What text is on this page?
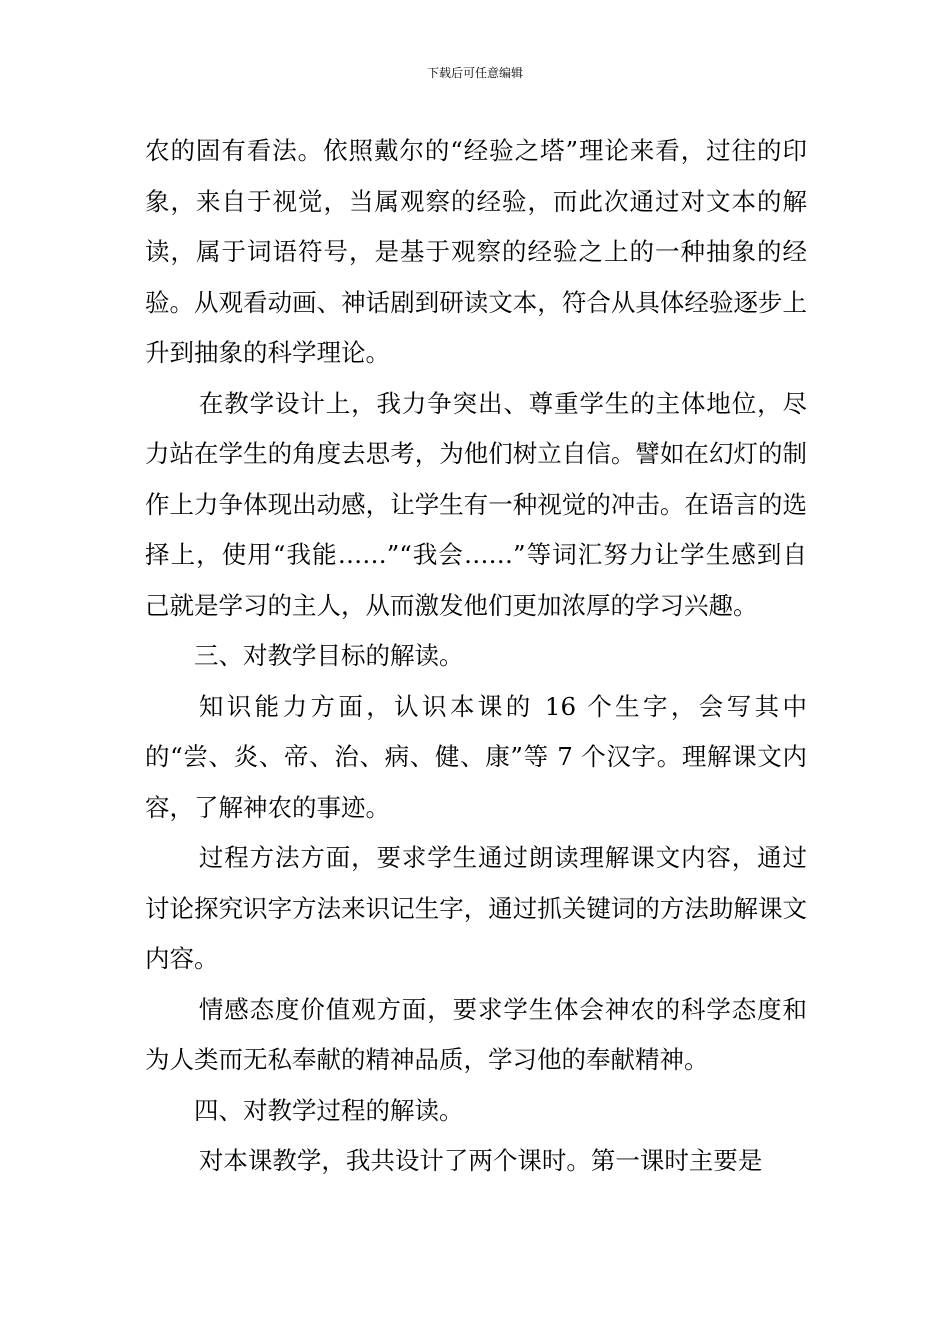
下载后可任意编辑

农的固有看法。依照戴尔的“经验之塔”理论来看，过往的印象，来自于视觉，当属观察的经验，而此次通过对文本的解读，属于词语符号，是基于观察的经验之上的一种抽象的经验。从观看动画、神话剧到研读文本，符合从具体经验逐步上升到抽象的科学理论。

在教学设计上，我力争突出、尊重学生的主体地位，尽力站在学生的角度去思考，为他们树立自信。譬如在幻灯的制作上力争体现出动感，让学生有一种视觉的冲击。在语言的选择上，使用“我能……”“我会……”等词汇努力让学生感到自己就是学习的主人，从而激发他们更加浓厚的学习兴趣。

三、对教学目标的解读。

知识能力方面，认识本课的 16 个生字，会写其中的“尝、炎、帝、治、病、健、康”等 7 个汉字。理解课文内容，了解神农的事迹。

过程方法方面，要求学生通过朗读理解课文内容，通过讨论探究识字方法来识记生字，通过抓关键词的方法助解课文内容。

情感态度价值观方面，要求学生体会神农的科学态度和为人类而无私奉献的精神品质，学习他的奉献精神。

四、对教学过程的解读。

对本课教学，我共设计了两个课时。第一课时主要是
